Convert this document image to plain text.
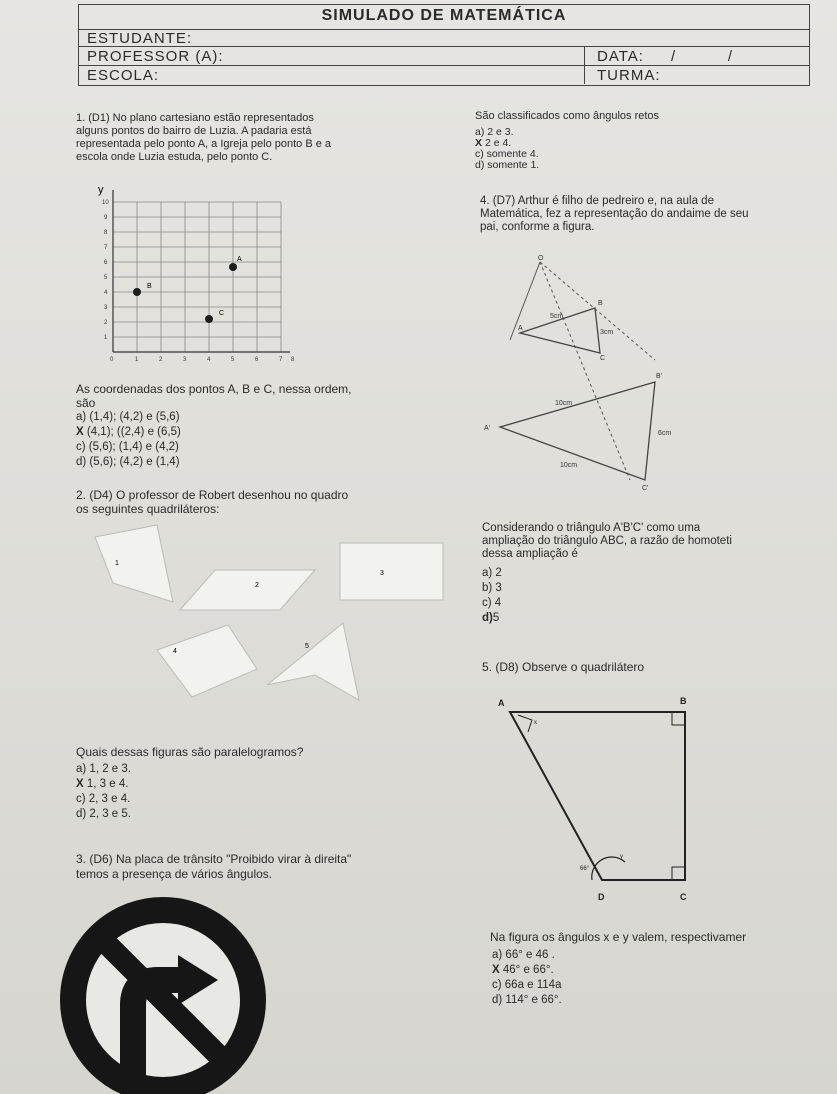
SIMULADO DE MATEMÁTICA
ESTUDANTE:
PROFESSOR (A):	DATA: /          /
ESCOLA:	TURMA:
1. (D1) No plano cartesiano estão representados
alguns pontos do bairro de Luzia. A padaria está
representada pelo ponto A, a Igreja pelo ponto B e a
escola onde Luzia estuda, pelo ponto C.
y
10
9
8
7
6
5
4
3
2
1
0	1	2	3	4	5	6	7 8
A
B
C
As coordenadas dos pontos A, B e C, nessa ordem,
são
a) (1,4); (4,2) e (5,6)
X (4,1); ((2,4) e (6,5)
c) (5,6); (1,4) e (4,2)
d) (5,6); (4,2) e (1,4)
2. (D4) O professor de Robert desenhou no quadro
os seguintes quadriláteros:
1
2
3
4
5
Quais dessas figuras são paralelogramos?
a) 1, 2 e 3.
X 1, 3 e 4.
c) 2, 3 e 4.
d) 2, 3 e 5.
3. (D6) Na placa de trânsito "Proibido virar à direita"
temos a presença de vários ângulos.
São classificados como ângulos retos
a) 2 e 3.
X 2 e 4.
c) somente 4.
d) somente 1.
4. (D7) Arthur é filho de pedreiro e, na aula de
Matemática, fez a representação do andaime de seu
pai, conforme a figura.
O
B
A
C
B'
A'
C'
5cm
3cm
10cm
6cm
10cm
Considerando o triângulo A'B'C' como uma
ampliação do triângulo ABC, a razão de homoteti
dessa ampliação é
a) 2
b) 3
c) 4
d)5
5. (D8) Observe o quadrilátero
A	B
D	C
x
y
66°
Na figura os ângulos x e y valem, respectivamer
a) 66° e 46 .
X 46° e 66°.
c) 66a e 114a
d) 114° e 66°.
